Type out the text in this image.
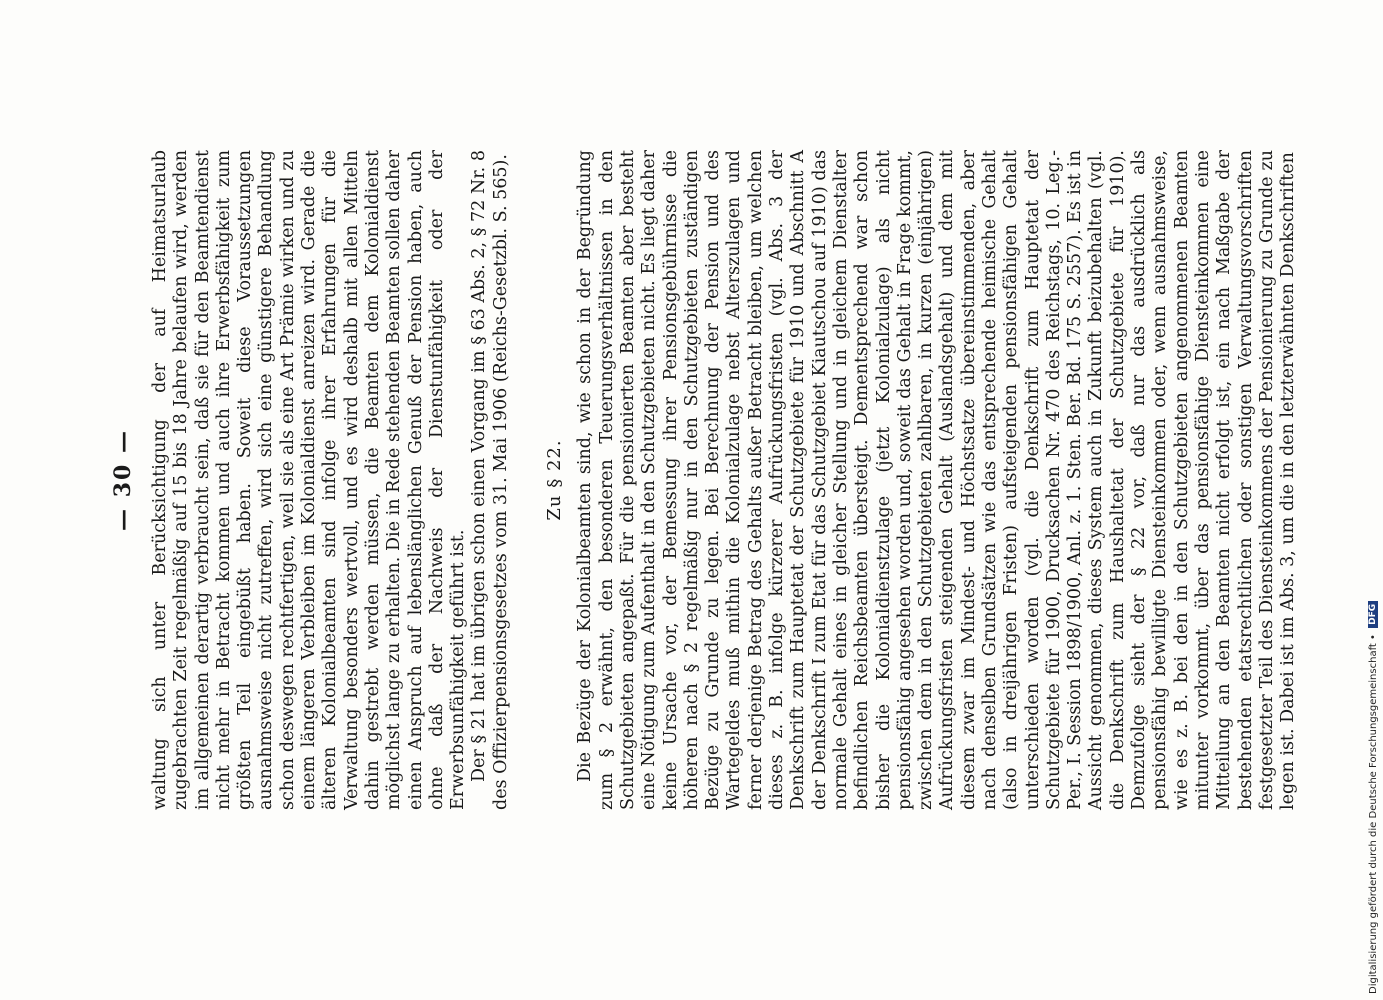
— 30 — waltung sich unter Berücksichtigung der auf Heimatsurlaub zugebrachten Zeit regelmäßig auf 15 bis 18 Jahre belaufen wird, werden im allgemeinen derartig verbraucht sein, daß sie für den Beamtendienst nicht mehr in Betracht kommen und auch ihre Erwerbsfähigkeit zum größten Teil eingebüßt haben. Soweit diese Voraussetzungen ausnahmsweise nicht zutreffen, wird sich eine günstigere Behandlung schon deswegen rechtfertigen, weil sie als eine Art Prämie wirken und zu einem längeren Verbleiben im Kolonialdienst anreizen wird. Gerade die älteren Kolonialbeamten sind infolge ihrer Erfahrungen für die Verwaltung besonders wertvoll, und es wird deshalb mit allen Mitteln dahin gestrebt werden müssen, die Beamten dem Kolonialdienst möglichst lange zu erhalten. Die in Rede stehenden Beamten sollen daher einen Anspruch auf lebenslänglichen Genuß der Pension haben, auch ohne daß der Nachweis der Dienstunfähigkeit oder der Erwerbsunfähigkeit geführt ist. Der § 21 hat im übrigen schon einen Vorgang im § 63 Abs. 2, § 72 Nr. 8 des Offizierpensionsgesetzes vom 31. Mai 1906 (Reichs-Gesetzbl. S. 565). Zu § 22. Die Bezüge der Kolonialbeamten sind, wie schon in der Begründung zum § 2 erwähnt, den besonderen Teuerungsverhältnissen in den Schutzgebieten angepaßt. Für die pensionierten Beamten aber besteht eine Nötigung zum Aufenthalt in den Schutzgebieten nicht. Es liegt daher keine Ursache vor, der Bemessung ihrer Pensionsgebührnisse die höheren nach § 2 regelmäßig nur in den Schutzgebieten zuständigen Bezüge zu Grunde zu legen. Bei Berechnung der Pension und des Wartegeldes muß mithin die Kolonialzulage nebst Alterszulagen und ferner derjenige Betrag des Gehalts außer Betracht bleiben, um welchen dieses z. B. infolge kürzerer Aufrückungsfristen (vgl. Abs. 3 der Denkschrift zum Hauptetat der Schutzgebiete für 1910 und Abschnitt A der Denkschrift I zum Etat für das Schutzgebiet Kiautschou auf 1910) das normale Gehalt eines in gleicher Stellung und in gleichem Dienstalter befindlichen Reichsbeamten übersteigt. Dementsprechend war schon bisher die Kolonialdienstzulage (jetzt Kolonialzulage) als nicht pensionsfähig angesehen worden und, soweit das Gehalt in Frage kommt, zwischen dem in den Schutzgebieten zahlbaren, in kurzen (einjährigen) Aufrückungsfristen steigenden Gehalt (Auslandsgehalt) und dem mit diesem zwar im Mindest- und Höchstsatze übereinstimmenden, aber nach denselben Grundsätzen wie das entsprechende heimische Gehalt (also in dreijährigen Fristen) aufsteigenden pensionsfähigen Gehalt unterschieden worden (vgl. die Denkschrift zum Hauptetat der Schutzgebiete für 1900, Drucksachen Nr. 470 des Reichstags, 10. Leg.-Per., I. Session 1898/1900, Anl. z. 1. Sten. Ber. Bd. 175 S. 2557). Es ist in Aussicht genommen, dieses System auch in Zukunft beizubehalten (vgl. die Denkschrift zum Haushaltetat der Schutzgebiete für 1910). Demzufolge sieht der § 22 vor, daß nur das ausdrücklich als pensionsfähig bewilligte Diensteinkommen oder, wenn ausnahmsweise, wie es z. B. bei den in den Schutzgebieten angenommenen Beamten mitunter vorkommt, über das pensionsfähige Diensteinkommen eine Mitteilung an den Beamten nicht erfolgt ist, ein nach Maßgabe der bestehenden etatsrechtlichen oder sonstigen Verwaltungsvorschriften festgesetzter Teil des Diensteinkommens der Pensionierung zu Grunde zu legen ist. Dabei ist im Abs. 3, um die in den letzterwähnten Denkschriften

Digitalisierung gefördert durch die Deutsche Forschungsgemeinschaft • DFG
